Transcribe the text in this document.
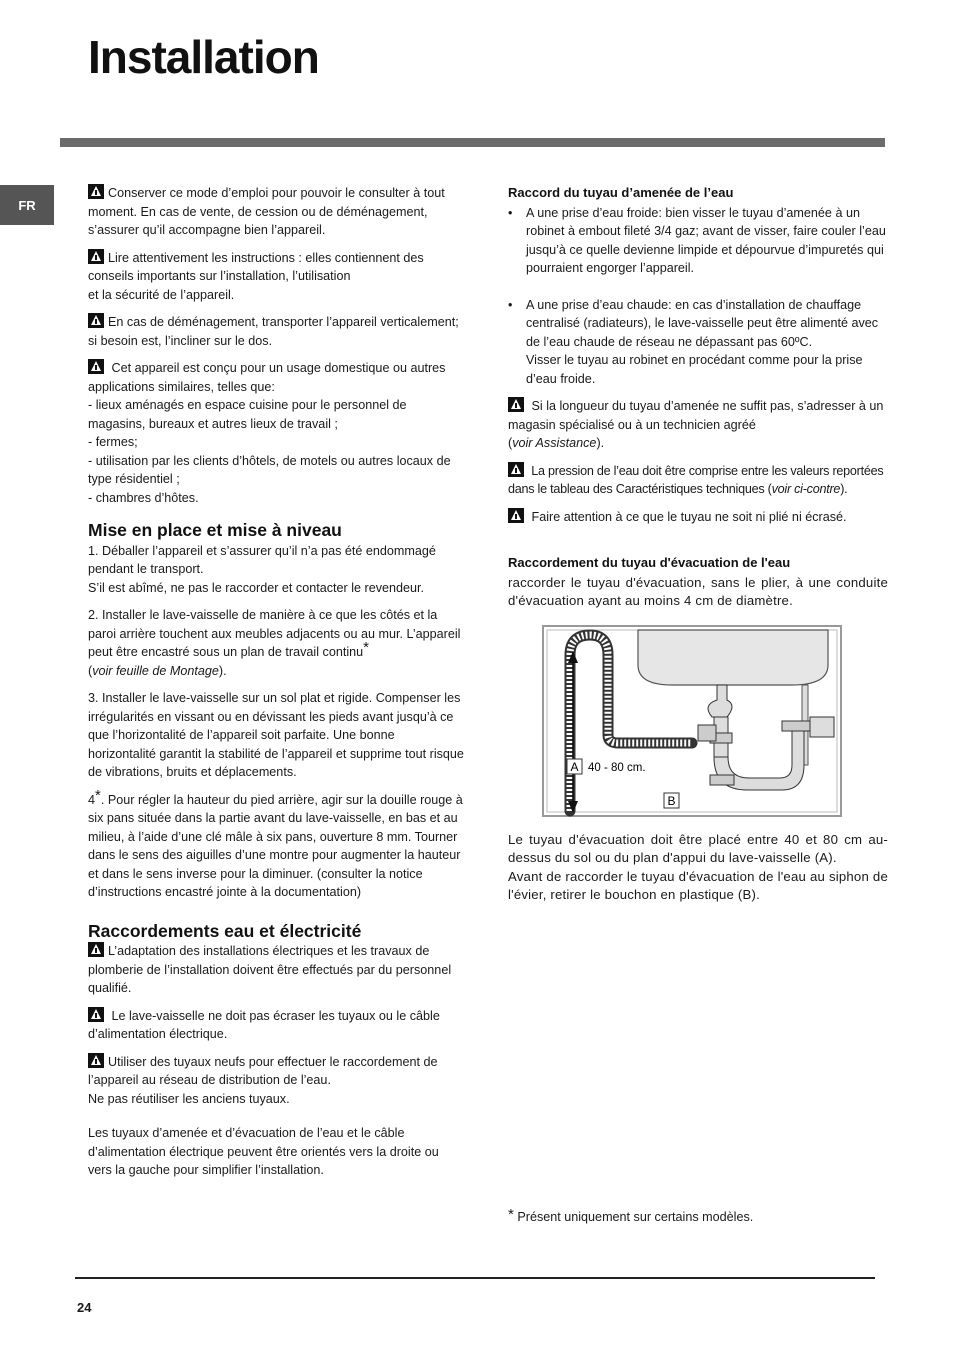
Installation
FR

Conserver ce mode d’emploi pour pouvoir le consulter à tout moment. En cas de vente, de cession ou de déménagement, s’assurer qu’il accompagne bien l’appareil.

Lire attentivement les instructions : elles contiennent des conseils importants sur l’installation, l’utilisation
et la sécurité de l’appareil.

En cas de déménagement, transporter l’appareil verticalement; si besoin est, l’incliner sur le dos.

Cet appareil est conçu pour un usage domestique ou autres applications similaires, telles que:
- lieux aménagés en espace cuisine pour le personnel de magasins, bureaux et autres lieux de travail ;
- fermes;
- utilisation par les clients d’hôtels, de motels ou autres locaux de type résidentiel ;
- chambres d’hôtes.

Mise en place et mise à niveau

1. Déballer l’appareil et s’assurer qu’il n’a pas été endommagé pendant le transport.
S’il est abîmé, ne pas le raccorder et contacter le revendeur.

2. Installer le lave-vaisselle de manière à ce que les côtés et la paroi arrière touchent aux meubles adjacents ou au mur. L’appareil peut être encastré sous un plan de travail continu*
(voir feuille de Montage).

3. Installer le lave-vaisselle sur un sol plat et rigide. Compenser les irrégularités en vissant ou en dévissant les pieds avant jusqu’à ce que l’horizontalité de l’appareil soit parfaite. Une bonne horizontalité garantit la stabilité de l’appareil et supprime tout risque de vibrations, bruits et déplacements.

4*. Pour régler la hauteur du pied arrière, agir sur la douille rouge à six pans située dans la partie avant du lave-vaisselle, en bas et au milieu, à l’aide d’une clé mâle à six pans, ouverture 8 mm. Tourner dans le sens des aiguilles d’une montre pour augmenter la hauteur et dans le sens inverse pour la diminuer. (consulter la notice d’instructions encastré jointe à la documentation)

Raccordements eau et électricité

L’adaptation des installations électriques et les travaux de plomberie de l’installation doivent être effectués par du personnel qualifié.

Le lave-vaisselle ne doit pas écraser les tuyaux ou le câble d’alimentation électrique.

Utiliser des tuyaux neufs pour effectuer le raccordement de l’appareil au réseau de distribution de l’eau.
Ne pas réutiliser les anciens tuyaux.

Les tuyaux d’amenée et d’évacuation de l’eau et le câble d’alimentation électrique peuvent être orientés vers la droite ou vers la gauche pour simplifier l’installation.

Raccord du tuyau d’amenée de l’eau
• A une prise d’eau froide: bien visser le tuyau d’amenée à un robinet à embout fileté 3/4 gaz; avant de visser, faire couler l’eau jusqu’à ce quelle devienne limpide et dépourvue d’impuretés qui pourraient engorger l’appareil.
• A une prise d’eau chaude: en cas d’installation de chauffage centralisé (radiateurs), le lave-vaisselle peut être alimenté avec de l’eau chaude de réseau ne dépassant pas 60ºC.
Visser le tuyau au robinet en procédant comme pour la prise d’eau froide.

Si la longueur du tuyau d’amenée ne suffit pas, s’adresser à un magasin spécialisé ou à un technicien agréé
(voir Assistance).

La pression de l’eau doit être comprise entre les valeurs reportées dans le tableau des Caractéristiques techniques (voir ci-contre).

Faire attention à ce que le tuyau ne soit ni plié ni écrasé.

Raccordement du tuyau d'évacuation de l'eau

raccorder le tuyau d'évacuation, sans le plier, à une conduite d'évacuation ayant au moins 4 cm de diamètre.

A 40 - 80 cm.
B

Le tuyau d'évacuation doit être placé entre 40 et 80 cm au-dessus du sol ou du plan d'appui du lave-vaisselle (A).
Avant de raccorder le tuyau d'évacuation de l'eau au siphon de l'évier, retirer le bouchon en plastique (B).

* Présent uniquement sur certains modèles.
24
